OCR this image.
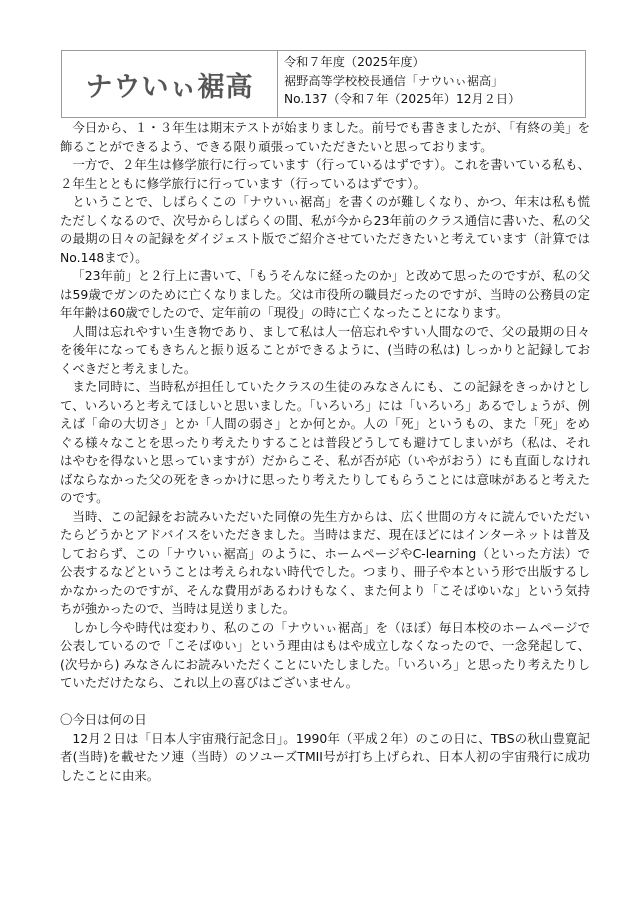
ナウいぃ裾高
令和７年度（2025年度）
裾野高等学校校長通信「ナウいぃ裾高」
No.137（令和７年（2025年）12月２日）

今日から、１・３年生は期末テストが始まりました。前号でも書きましたが、「有終の美」を飾ることができるよう、できる限り頑張っていただきたいと思っております。

一方で、２年生は修学旅行に行っています（行っているはずです）。これを書いている私も、２年生とともに修学旅行に行っています（行っているはずです）。

ということで、しばらくこの「ナウいぃ裾高」を書くのが難しくなり、かつ、年末は私も慌ただしくなるので、次号からしばらくの間、私が今から23年前のクラス通信に書いた、私の父の最期の日々の記録をダイジェスト版でご紹介させていただきたいと考えています（計算ではNo.148まで）。

「23年前」と２行上に書いて、「もうそんなに経ったのか」と改めて思ったのですが、私の父は59歳でガンのために亡くなりました。父は市役所の職員だったのですが、当時の公務員の定年年齢は60歳でしたので、定年前の「現役」の時に亡くなったことになります。

人間は忘れやすい生き物であり、まして私は人一倍忘れやすい人間なので、父の最期の日々を後年になってもきちんと振り返ることができるように、(当時の私は) しっかりと記録しておくべきだと考えました。

また同時に、当時私が担任していたクラスの生徒のみなさんにも、この記録をきっかけとして、いろいろと考えてほしいと思いました。「いろいろ」には「いろいろ」あるでしょうが、例えば「命の大切さ」とか「人間の弱さ」とか何とか。人の「死」というもの、また「死」をめぐる様々なことを思ったり考えたりすることは普段どうしても避けてしまいがち（私は、それはやむを得ないと思っていますが）だからこそ、私が否が応（いやがおう）にも直面しなければならなかった父の死をきっかけに思ったり考えたりしてもらうことには意味があると考えたのです。

当時、この記録をお読みいただいた同僚の先生方からは、広く世間の方々に読んでいただいたらどうかとアドバイスをいただきました。当時はまだ、現在ほどにはインターネットは普及しておらず、この「ナウいぃ裾高」のように、ホームページやC-learning（といった方法）で公表するなどということは考えられない時代でした。つまり、冊子や本という形で出版するしかなかったのですが、そんな費用があるわけもなく、また何より「こそばゆいな」という気持ちが強かったので、当時は見送りました。

しかし今や時代は変わり、私のこの「ナウいぃ裾高」を（ほぼ）毎日本校のホームページで公表しているので「こそばゆい」という理由はもはや成立しなくなったので、一念発起して、(次号から) みなさんにお読みいただくことにいたしました。「いろいろ」と思ったり考えたりしていただけたなら、これ以上の喜びはございません。

〇今日は何の日

12月２日は「日本人宇宙飛行記念日」。1990年（平成２年）のこの日に、TBSの秋山豊寛記者(当時)を載せたソ連（当時）のソユーズTMII号が打ち上げられ、日本人初の宇宙飛行に成功したことに由来。
